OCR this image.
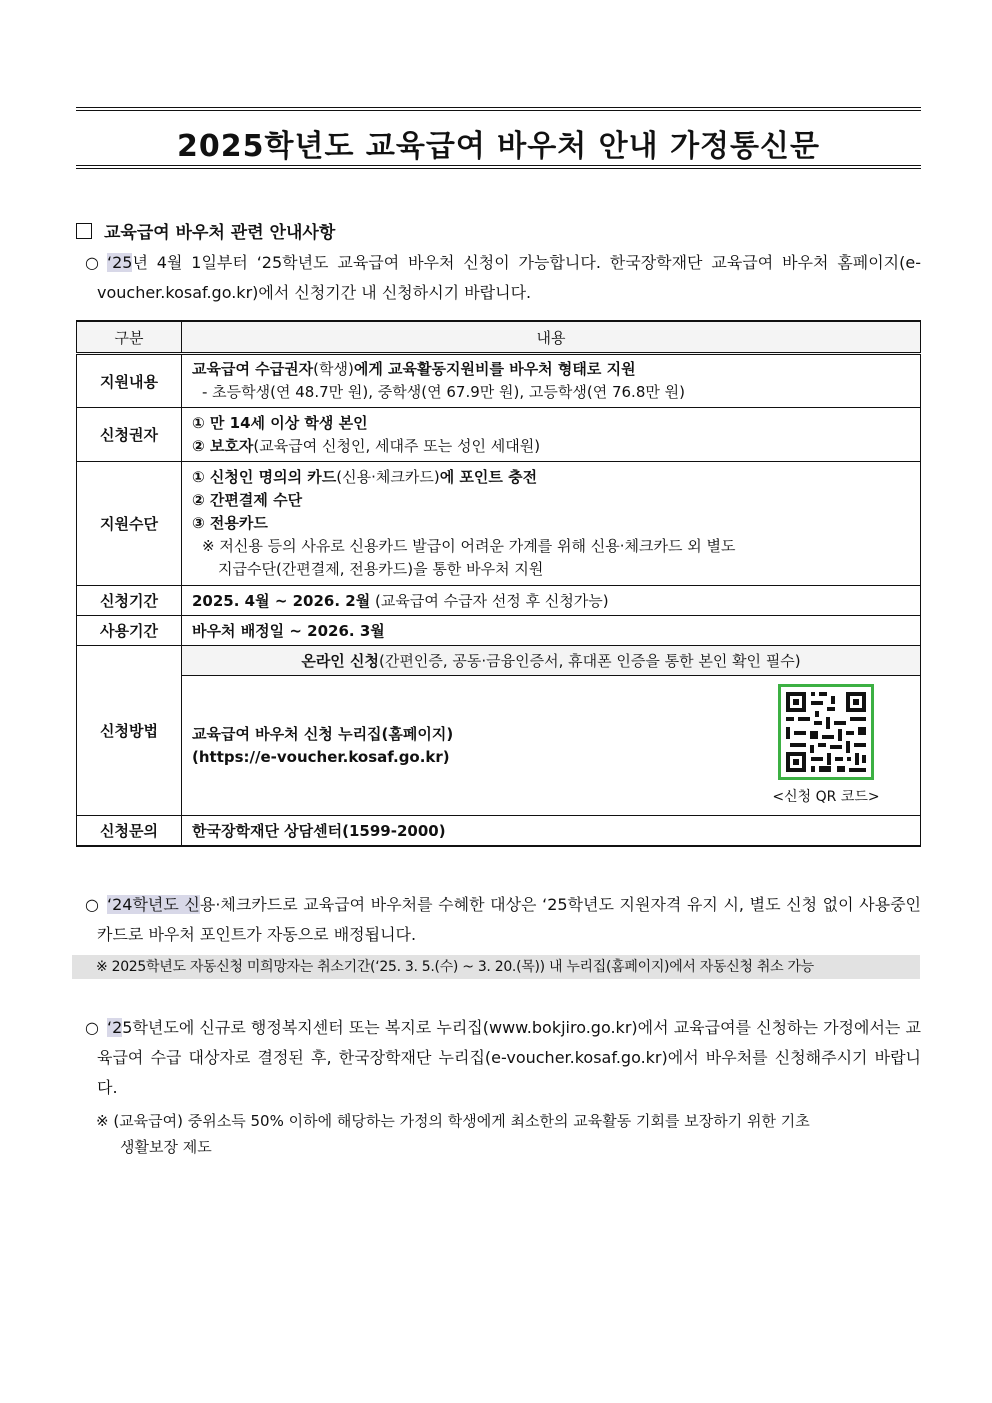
2025학년도 교육급여 바우처 안내 가정통신문
교육급여 바우처 관련 안내사항
○ ‘25년 4월 1일부터 ‘25학년도 교육급여 바우처 신청이 가능합니다. 한국장학재단 교육급여 바우처 홈페이지(e-voucher.kosaf.go.kr)에서 신청기간 내 신청하시기 바랍니다.
구분	내용
지원내용	교육급여 수급권자(학생)에게 교육활동지원비를 바우처 형태로 지원
- 초등학생(연 48.7만 원), 중학생(연 67.9만 원), 고등학생(연 76.8만 원)

신청권자	① 만 14세 이상 학생 본인
② 보호자(교육급여 신청인, 세대주 또는 성인 세대원)

지원수단	① 신청인 명의의 카드(신용·체크카드)에 포인트 충전
② 간편결제 수단
③ 전용카드
※ 저신용 등의 사유로 신용카드 발급이 어려운 가계를 위해 신용·체크카드 외 별도
지급수단(간편결제, 전용카드)을 통한 바우처 지원

신청기간	2025. 4월 ~ 2026. 2월 (교육급여 수급자 선정 후 신청가능)
사용기간	바우처 배정일 ~ 2026. 3월
신청방법	온라인 신청(간편인증, 공동·금융인증서, 휴대폰 인증을 통한 본인 확인 필수)

	교육급여 바우처 신청 누리집(홈페이지)
(https://e-voucher.kosaf.go.kr)
<신청 QR 코드>

신청문의	한국장학재단 상담센터(1599-2000)
○ ‘24학년도 신용·체크카드로 교육급여 바우처를 수혜한 대상은 ‘25학년도 지원자격 유지 시, 별도 신청 없이 사용중인 카드로 바우처 포인트가 자동으로 배정됩니다.
※ 2025학년도 자동신청 미희망자는 취소기간(‘25. 3. 5.(수) ~ 3. 20.(목)) 내 누리집(홈페이지)에서 자동신청 취소 가능
○ ‘25학년도에 신규로 행정복지센터 또는 복지로 누리집(www.bokjiro.go.kr)에서 교육급여를 신청하는 가정에서는 교육급여 수급 대상자로 결정된 후, 한국장학재단 누리집(e-voucher.kosaf.go.kr)에서 바우처를 신청해주시기 바랍니다.
※ (교육급여) 중위소득 50% 이하에 해당하는 가정의 학생에게 최소한의 교육활동 기회를 보장하기 위한 기초
생활보장 제도
